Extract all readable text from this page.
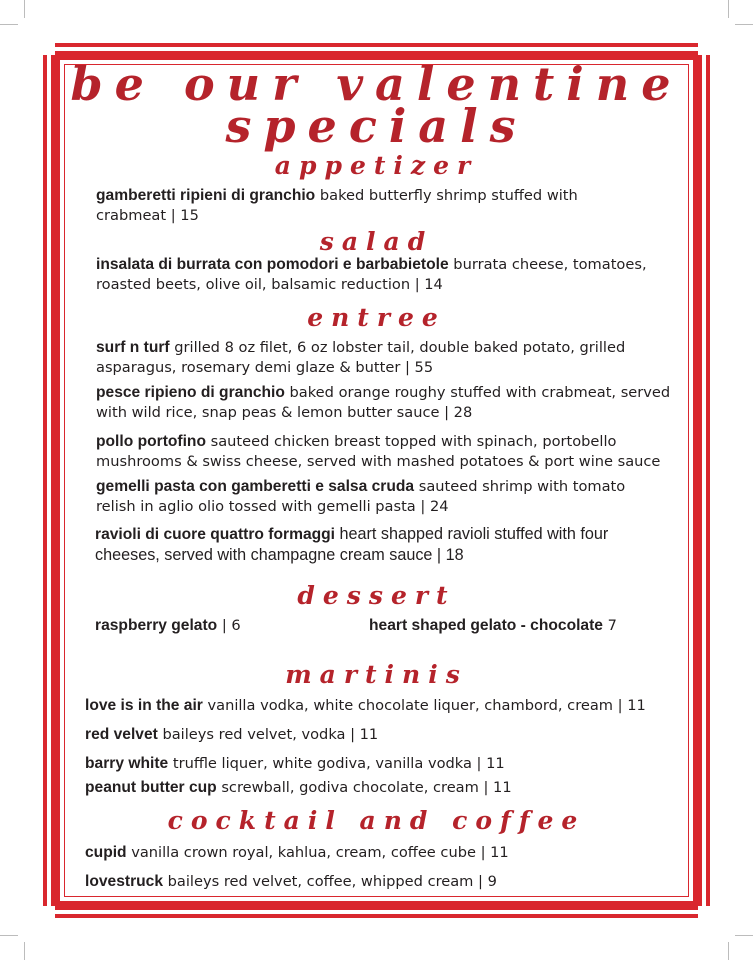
be our valentine
specials
appetizer
gamberetti ripieni di granchio baked butterfly shrimp stuffed with
crabmeat | 15
salad
insalata di burrata con pomodori e barbabietole burrata cheese, tomatoes,
roasted beets, olive oil, balsamic reduction | 14
entree
surf n turf grilled 8 oz filet, 6 oz lobster tail, double baked potato, grilled
asparagus, rosemary demi glaze & butter | 55
pesce ripieno di granchio baked orange roughy stuffed with crabmeat, served
with wild rice, snap peas & lemon butter sauce | 28
pollo portofino sauteed chicken breast topped with spinach, portobello
mushrooms & swiss cheese, served with mashed potatoes & port wine sauce
gemelli pasta con gamberetti e salsa cruda sauteed shrimp with tomato
relish in aglio olio tossed with gemelli pasta | 24
ravioli di cuore quattro formaggi heart shapped ravioli stuffed with four
cheeses, served with champagne cream sauce | 18
dessert
raspberry gelato | 6	heart shaped gelato - chocolate 7
martinis
love is in the air vanilla vodka, white chocolate liquer, chambord, cream | 11
red velvet baileys red velvet, vodka | 11
barry white truffle liquer, white godiva, vanilla vodka | 11
peanut butter cup screwball, godiva chocolate, cream | 11
cocktail and coffee
cupid vanilla crown royal, kahlua, cream, coffee cube | 11
lovestruck baileys red velvet, coffee, whipped cream | 9
